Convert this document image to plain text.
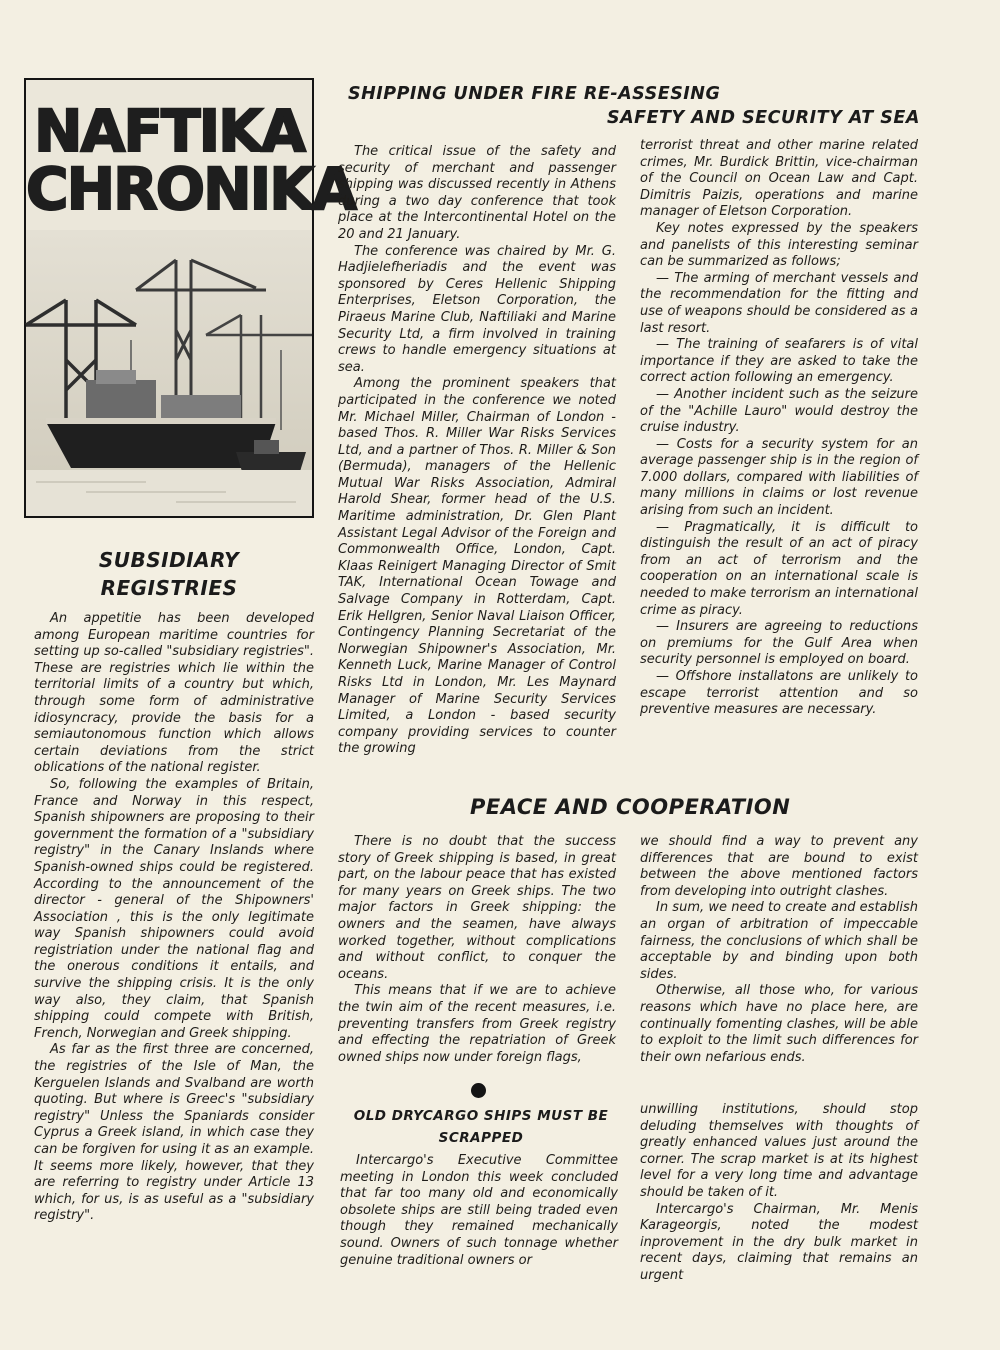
NAFTIKA
CHRONIKA
SHIPPING UNDER FIRE RE-ASSESING
SAFETY AND SECURITY AT SEA

The critical issue of the safety and security of merchant and passenger shipping was discussed recently in Athens during a two day conference that took place at the Intercontinental Hotel on the 20 and 21 January.

The conference was chaired by Mr. G. Hadjielefheriadis and the event was sponsored by Ceres Hellenic Shipping Enterprises, Eletson Corporation, the Piraeus Marine Club, Naftiliaki and Marine Security Ltd, a firm involved in training crews to handle emergency situations at sea.

Among the prominent speakers that participated in the conference we noted Mr. Michael Miller, Chairman of London - based Thos. R. Miller War Risks Services Ltd, and a partner of Thos. R. Miller & Son (Bermuda), managers of the Hellenic Mutual War Risks Association, Admiral Harold Shear, former head of the U.S. Maritime administration, Dr. Glen Plant Assistant Legal Advisor of the Foreign and Commonwealth Office, London, Capt. Klaas Reinigert Managing Director of Smit TAK, International Ocean Towage and Salvage Company in Rotterdam, Capt. Erik Hellgren, Senior Naval Liaison Officer, Contingency Planning Secretariat of the Norwegian Shipowner's Association, Mr. Kenneth Luck, Marine Manager of Control Risks Ltd in London, Mr. Les Maynard Manager of Marine Security Services Limited, a London - based security company providing services to counter the growing

terrorist threat and other marine related crimes, Mr. Burdick Brittin, vice-chairman of the Council on Ocean Law and Capt. Dimitris Paizis, operations and marine manager of Eletson Corporation.

Key notes expressed by the speakers and panelists of this interesting seminar can be summarized as follows;

— The arming of merchant vessels and the recommendation for the fitting and use of weapons should be considered as a last resort.

— The training of seafarers is of vital importance if they are asked to take the correct action following an emergency.

— Another incident such as the seizure of the "Achille Lauro" would destroy the cruise industry.

— Costs for a security system for an average passenger ship is in the region of 7.000 dollars, compared with liabilities of many millions in claims or lost revenue arising from such an incident.

— Pragmatically, it is difficult to distinguish the result of an act of piracy from an act of terrorism and the cooperation on an international scale is needed to make terrorism an international crime as piracy.

— Insurers are agreeing to reductions on premiums for the Gulf Area when security personnel is employed on board.

— Offshore installatons are unlikely to escape terrorist attention and so preventive measures are necessary.

SUBSIDIARY
REGISTRIES

An appetitie has been developed among European maritime countries for setting up so-called "subsidiary registries". These are registries which lie within the territorial limits of a country but which, through some form of administrative idiosyncracy, provide the basis for a semiautonomous function which allows certain deviations from the strict oblications of the national register.

So, following the examples of Britain, France and Norway in this respect, Spanish shipowners are proposing to their government the formation of a "subsidiary registry" in the Canary Inslands where Spanish-owned ships could be registered. According to the announcement of the director - general of the Shipowners' Association , this is the only legitimate way Spanish shipowners could avoid registriation under the national flag and the onerous conditions it entails, and survive the shipping crisis. It is the only way also, they claim, that Spanish shipping could compete with British, French, Norwegian and Greek shipping.

As far as the first three are concerned, the registries of the Isle of Man, the Kerguelen Islands and Svalband are worth quoting. But where is Greec's "subsidiary registry" Unless the Spaniards consider Cyprus a Greek island, in which case they can be forgiven for using it as an example. It seems more likely, however, that they are referring to registry under Article 13 which, for us, is as useful as a "subsidiary registry".

PEACE AND COOPERATION

There is no doubt that the success story of Greek shipping is based, in great part, on the labour peace that has existed for many years on Greek ships. The two major factors in Greek shipping: the owners and the seamen, have always worked together, without complications and without conflict, to conquer the oceans.

This means that if we are to achieve the twin aim of the recent measures, i.e. preventing transfers from Greek registry and effecting the repatriation of Greek owned ships now under foreign flags,

we should find a way to prevent any differences that are bound to exist between the above mentioned factors from developing into outright clashes.

In sum, we need to create and establish an organ of arbitration of impeccable fairness, the conclusions of which shall be acceptable by and binding upon both sides.

Otherwise, all those who, for various reasons which have no place here, are continually fomenting clashes, will be able to exploit to the limit such differences for their own nefarious ends.

OLD DRYCARGO SHIPS MUST BE
SCRAPPED

Intercargo's Executive Committee meeting in London this week concluded that far too many old and economically obsolete ships are still being traded even though they remained mechanically sound. Owners of such tonnage whether genuine traditional owners or

unwilling institutions, should stop deluding themselves with thoughts of greatly enhanced values just around the corner. The scrap market is at its highest level for a very long time and advantage should be taken of it.

Intercargo's Chairman, Mr. Menis Karageorgis, noted the modest inprovement in the dry bulk market in recent days, claiming that remains an urgent
